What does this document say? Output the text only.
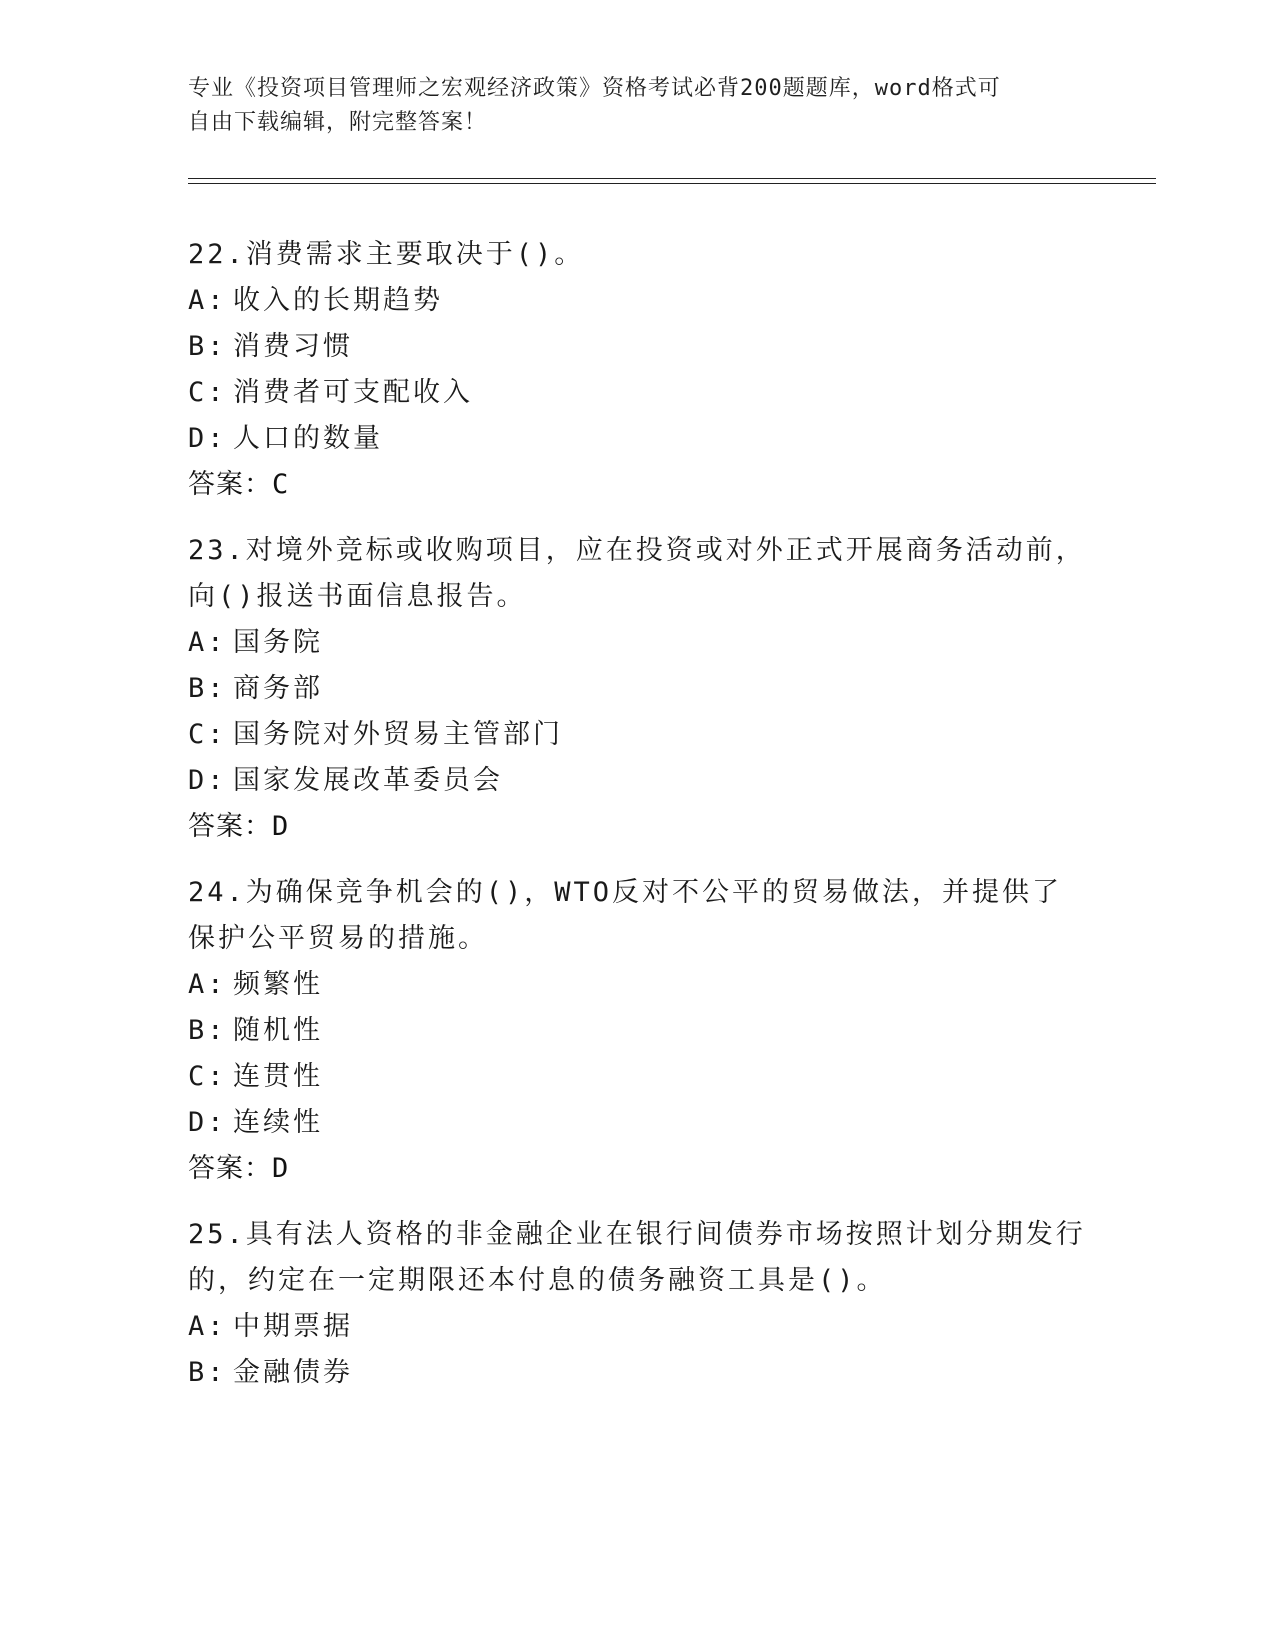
专业《投资项目管理师之宏观经济政策》资格考试必背200题题库，word格式可
自由下载编辑，附完整答案！

22.消费需求主要取决于()。

A: 收入的长期趋势
B: 消费习惯
C: 消费者可支配收入
D: 人口的数量
答案：C

23.对境外竞标或收购项目，应在投资或对外正式开展商务活动前，向()报送书面信息报告。

A: 国务院
B: 商务部
C: 国务院对外贸易主管部门
D: 国家发展改革委员会
答案：D

24.为确保竞争机会的()，WTO反对不公平的贸易做法，并提供了保护公平贸易的措施。

A: 频繁性
B: 随机性
C: 连贯性
D: 连续性
答案：D

25.具有法人资格的非金融企业在银行间债券市场按照计划分期发行的，约定在一定期限还本付息的债务融资工具是()。

A: 中期票据
B: 金融债券
